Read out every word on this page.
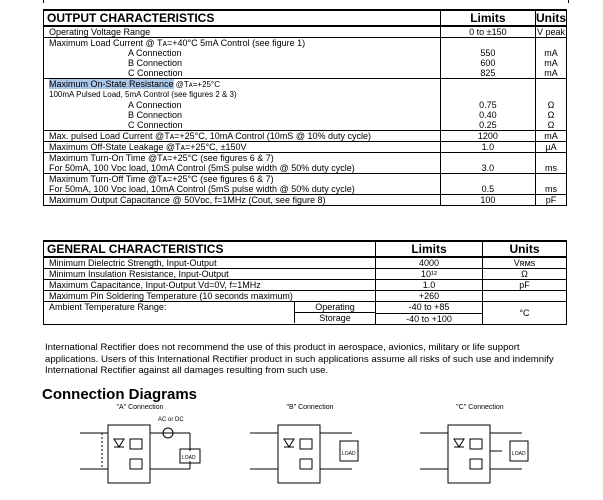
OUTPUT CHARACTERISTICS	Limits	Units
Operating Voltage Range	0 to ±150	V peak
Maximum Load Current @ Tᴀ=+40°C 5mA Control (see figure 1)		
A Connection	550	mA
B Connection	600	mA
C Connection	825	mA
Maximum On-State Resistance @Tᴀ=+25°C		
100mA Pulsed Load, 5mA Control (see figures 2 & 3)		
A Connection	0.75	Ω
B Connection	0.40	Ω
C Connection	0.25	Ω
Max. pulsed Load Current @Tᴀ=+25°C, 10mA Control (10mS @ 10% duty cycle)	1200	mA
Maximum Off-State Leakage @Tᴀ=+25°C, ±150V	1.0	µA
Maximum Turn-On Time @Tᴀ=+25°C (see figures 6 & 7)		
For 50mA, 100 Vᴅᴄ load, 10mA Control (5mS pulse width @ 50% duty cycle)	3.0	ms
Maximum Turn-Off Time @Tᴀ=+25°C (see figures 6 & 7)		
For 50mA, 100 Vᴅᴄ load, 10mA Control (5mS pulse width @ 50% duty cycle)	0.5	ms
Maximum Output Capacitance @ 50Vᴅᴄ, f=1MHz (Cout, see figure 8)	100	pF
GENERAL CHARACTERISTICS	Limits	Units
Minimum Dielectric Strength, Input-Output	4000	Vʀᴍѕ
Minimum Insulation Resistance, Input-Output	10¹²	Ω
Maximum Capacitance, Input-Output Vd=0V, f=1MHz	1.0	pF
Maximum Pin Soldering Temperature (10 seconds maximum)	+260	

Ambient Temperature Range: Operating	-40 to +85	°C

Storage	-40 to +100	
International Rectifier does not recommend the use of this product in aerospace, avionics, military or life support applications. Users of this International Rectifier product in such applications assume all risks of such use and indemnify International Rectifier against all damages resulting from such use.
Connection Diagrams
"A" Connection
AC or DC
LOAD
"B" Connection
LOAD
"C" Connection
LOAD
